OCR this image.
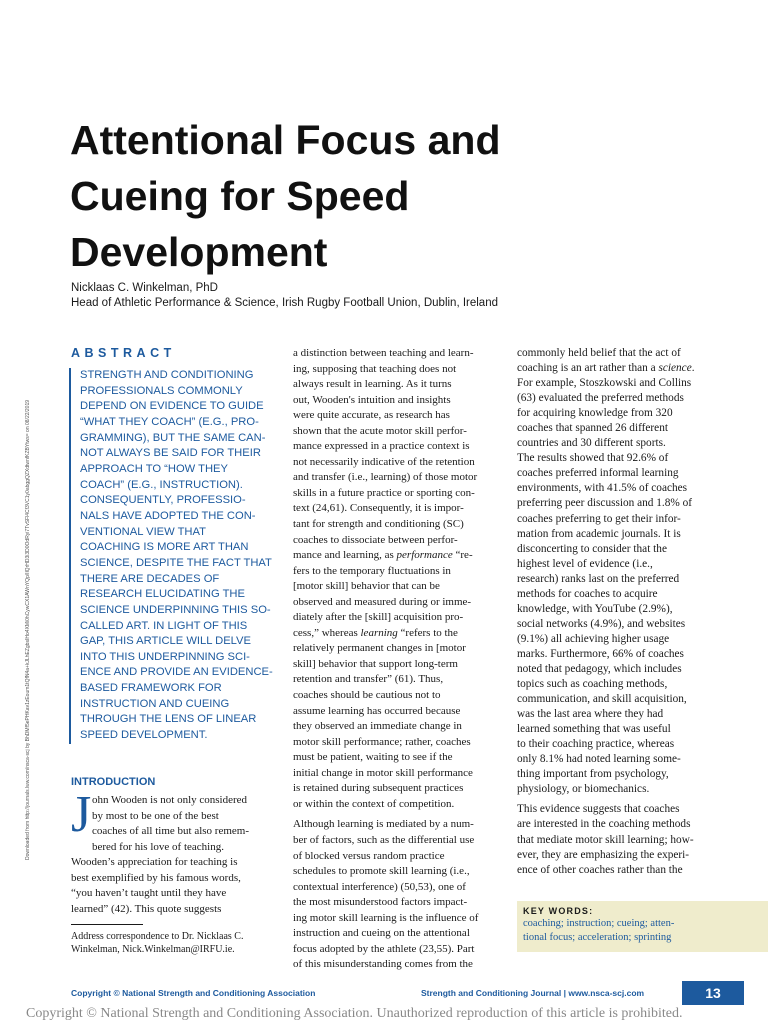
Attentional Focus and
Cueing for Speed
Development
Nicklaas C. Winkelman, PhD
Head of Athletic Performance & Science, Irish Rugby Football Union, Dublin, Ireland
Downloaded from http://journals.lww.com/nsca-scj by BhDMf5ePHKav1zEoum1tQfN4a+kJLhEZgbsIHo4XMi0hCywCX1AWnYQp/IlQrHD3i3D0OdRyi7TvSFl4Cf3VC1y0abggQZXdtwnfKZBYtws= on 08/22/2019
ABSTRACT
STRENGTH AND CONDITIONING
PROFESSIONALS COMMONLY
DEPEND ON EVIDENCE TO GUIDE
“WHAT THEY COACH” (E.G., PRO-
GRAMMING), BUT THE SAME CAN-
NOT ALWAYS BE SAID FOR THEIR
APPROACH TO “HOW THEY
COACH” (E.G., INSTRUCTION).
CONSEQUENTLY, PROFESSIO-
NALS HAVE ADOPTED THE CON-
VENTIONAL VIEW THAT
COACHING IS MORE ART THAN
SCIENCE, DESPITE THE FACT THAT
THERE ARE DECADES OF
RESEARCH ELUCIDATING THE
SCIENCE UNDERPINNING THIS SO-
CALLED ART. IN LIGHT OF THIS
GAP, THIS ARTICLE WILL DELVE
INTO THIS UNDERPINNING SCI-
ENCE AND PROVIDE AN EVIDENCE-
BASED FRAMEWORK FOR
INSTRUCTION AND CUEING
THROUGH THE LENS OF LINEAR
SPEED DEVELOPMENT.
INTRODUCTION
J ohn Wooden is not only considered
by most to be one of the best
coaches of all time but also remem-
bered for his love of teaching.
Wooden’s appreciation for teaching is
best exemplified by his famous words,
“you haven’t taught until they have
learned” (42). This quote suggests
Address correspondence to Dr. Nicklaas C.
Winkelman, Nick.Winkelman@IRFU.ie.
a distinction between teaching and learn-
ing, supposing that teaching does not
always result in learning. As it turns
out, Wooden's intuition and insights
were quite accurate, as research has
shown that the acute motor skill perfor-
mance expressed in a practice context is
not necessarily indicative of the retention
and transfer (i.e., learning) of those motor
skills in a future practice or sporting con-
text (24,61). Consequently, it is impor-
tant for strength and conditioning (SC)
coaches to dissociate between perfor-
mance and learning, as performance “re-
fers to the temporary fluctuations in
[motor skill] behavior that can be
observed and measured during or imme-
diately after the [skill] acquisition pro-
cess,” whereas learning “refers to the
relatively permanent changes in [motor
skill] behavior that support long-term
retention and transfer” (61). Thus,
coaches should be cautious not to
assume learning has occurred because
they observed an immediate change in
motor skill performance; rather, coaches
must be patient, waiting to see if the
initial change in motor skill performance
is retained during subsequent practices
or within the context of competition.
Although learning is mediated by a num-
ber of factors, such as the differential use
of blocked versus random practice
schedules to promote skill learning (i.e.,
contextual interference) (50,53), one of
the most misunderstood factors impact-
ing motor skill learning is the influence of
instruction and cueing on the attentional
focus adopted by the athlete (23,55). Part
of this misunderstanding comes from the
commonly held belief that the act of
coaching is an art rather than a science.
For example, Stoszkowski and Collins
(63) evaluated the preferred methods
for acquiring knowledge from 320
coaches that spanned 26 different
countries and 30 different sports.
The results showed that 92.6% of
coaches preferred informal learning
environments, with 41.5% of coaches
preferring peer discussion and 1.8% of
coaches preferring to get their infor-
mation from academic journals. It is
disconcerting to consider that the
highest level of evidence (i.e.,
research) ranks last on the preferred
methods for coaches to acquire
knowledge, with YouTube (2.9%),
social networks (4.9%), and websites
(9.1%) all achieving higher usage
marks. Furthermore, 66% of coaches
noted that pedagogy, which includes
topics such as coaching methods,
communication, and skill acquisition,
was the last area where they had
learned something that was useful
to their coaching practice, whereas
only 8.1% had noted learning some-
thing important from psychology,
physiology, or biomechanics.
This evidence suggests that coaches
are interested in the coaching methods
that mediate motor skill learning; how-
ever, they are emphasizing the experi-
ence of other coaches rather than the
KEY WORDS:
coaching; instruction; cueing; atten-
tional focus; acceleration; sprinting
Copyright © National Strength and Conditioning Association	Strength and Conditioning Journal | www.nsca-scj.com	13
Copyright © National Strength and Conditioning Association. Unauthorized reproduction of this article is prohibited.
